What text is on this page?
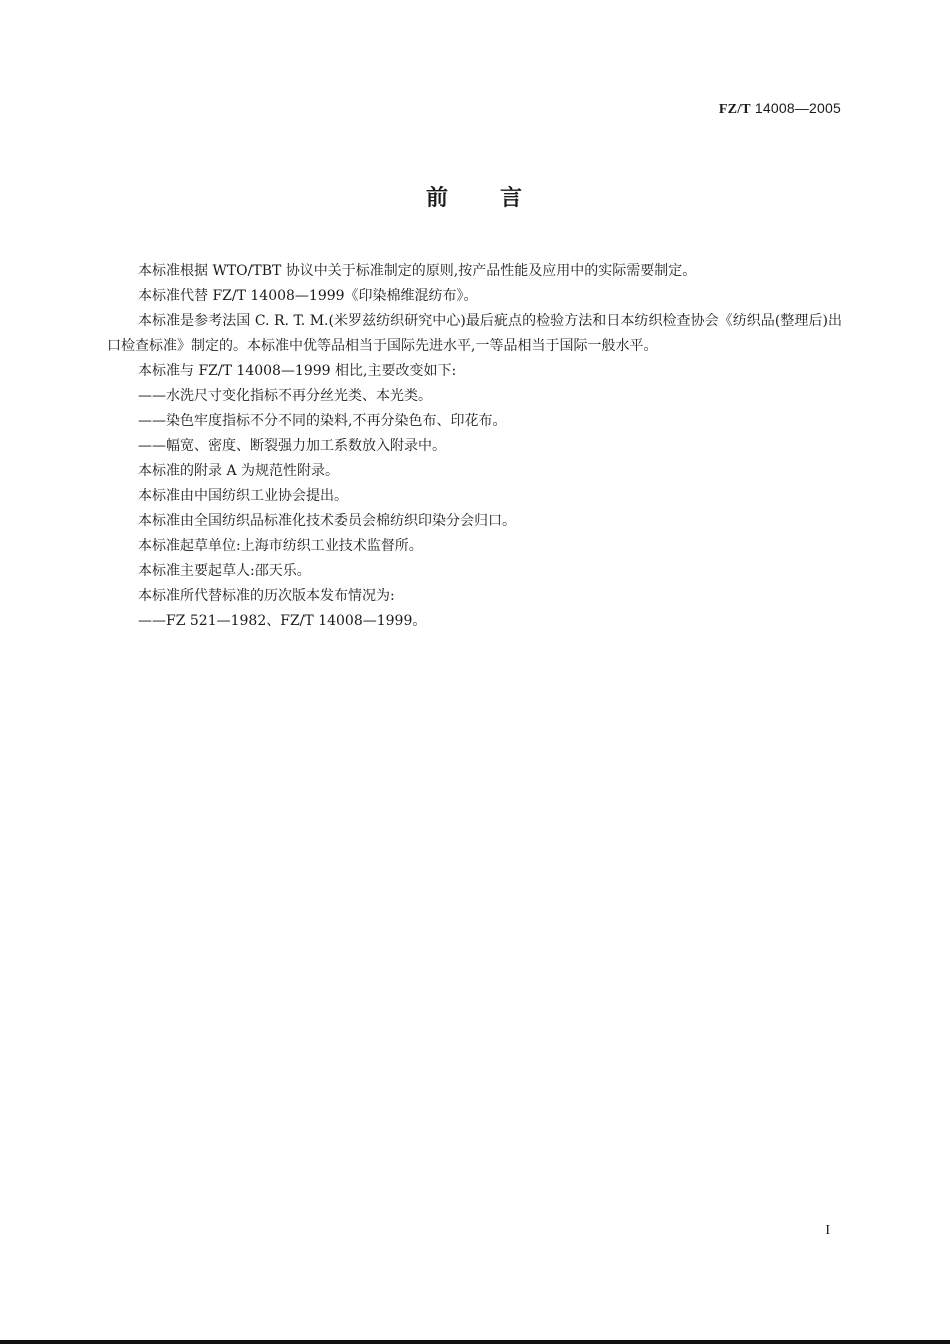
FZ/T 14008—2005
前 言

本标准根据 WTO/TBT 协议中关于标准制定的原则,按产品性能及应用中的实际需要制定。

本标准代替 FZ/T 14008—1999《印染棉维混纺布》。

本标准是参考法国 C. R. T. M.(米罗兹纺织研究中心)最后疵点的检验方法和日本纺织检查协会《纺织品(整理后)出口检查标准》制定的。本标准中优等品相当于国际先进水平,一等品相当于国际一般水平。

本标准与 FZ/T 14008—1999 相比,主要改变如下:

——水洗尺寸变化指标不再分丝光类、本光类。

——染色牢度指标不分不同的染料,不再分染色布、印花布。

——幅宽、密度、断裂强力加工系数放入附录中。

本标准的附录 A 为规范性附录。

本标准由中国纺织工业协会提出。

本标准由全国纺织品标准化技术委员会棉纺织印染分会归口。

本标准起草单位:上海市纺织工业技术监督所。

本标准主要起草人:邵天乐。

本标准所代替标准的历次版本发布情况为:

——FZ 521—1982、FZ/T 14008—1999。

I
